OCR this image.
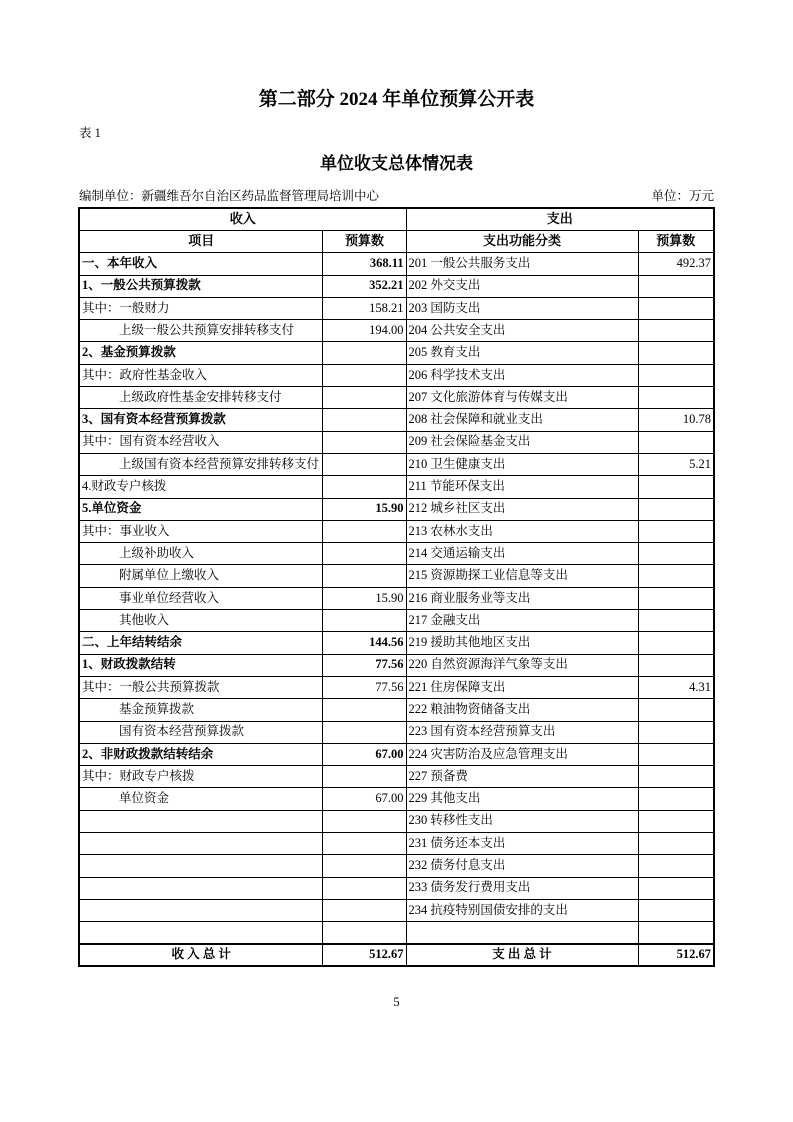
第二部分 2024 年单位预算公开表
表 1
单位收支总体情况表
编制单位：新疆维吾尔自治区药品监督管理局培训中心	单位：万元
收入		支出	
项目	预算数	支出功能分类	预算数
一、本年收入	368.11	201 一般公共服务支出	492.37
1、一般公共预算拨款	352.21	202 外交支出	
其中：一般财力	158.21	203 国防支出	
上级一般公共预算安排转移支付	194.00	204 公共安全支出	
2、基金预算拨款		205 教育支出	
其中：政府性基金收入		206 科学技术支出	
上级政府性基金安排转移支付		207 文化旅游体育与传媒支出	
3、国有资本经营预算拨款		208 社会保障和就业支出	10.78
其中：国有资本经营收入		209 社会保险基金支出	
上级国有资本经营预算安排转移支付		210 卫生健康支出	5.21
4.财政专户核拨		211 节能环保支出	
5.单位资金	15.90	212 城乡社区支出	
其中：事业收入		213 农林水支出	
上级补助收入		214 交通运输支出	
附属单位上缴收入		215 资源勘探工业信息等支出	
事业单位经营收入	15.90	216 商业服务业等支出	
其他收入		217 金融支出	
二、上年结转结余	144.56	219 援助其他地区支出	
1、财政拨款结转	77.56	220 自然资源海洋气象等支出	
其中：一般公共预算拨款	77.56	221 住房保障支出	4.31
基金预算拨款		222 粮油物资储备支出	
国有资本经营预算拨款		223 国有资本经营预算支出	
2、非财政拨款结转结余	67.00	224 灾害防治及应急管理支出	
其中：财政专户核拨		227 预备费	
单位资金	67.00	229 其他支出	
		230 转移性支出	
		231 债务还本支出	
		232 债务付息支出	
		233 债务发行费用支出	
		234 抗疫特别国债安排的支出	

收 入 总 计	512.67	支 出 总 计	512.67
5
